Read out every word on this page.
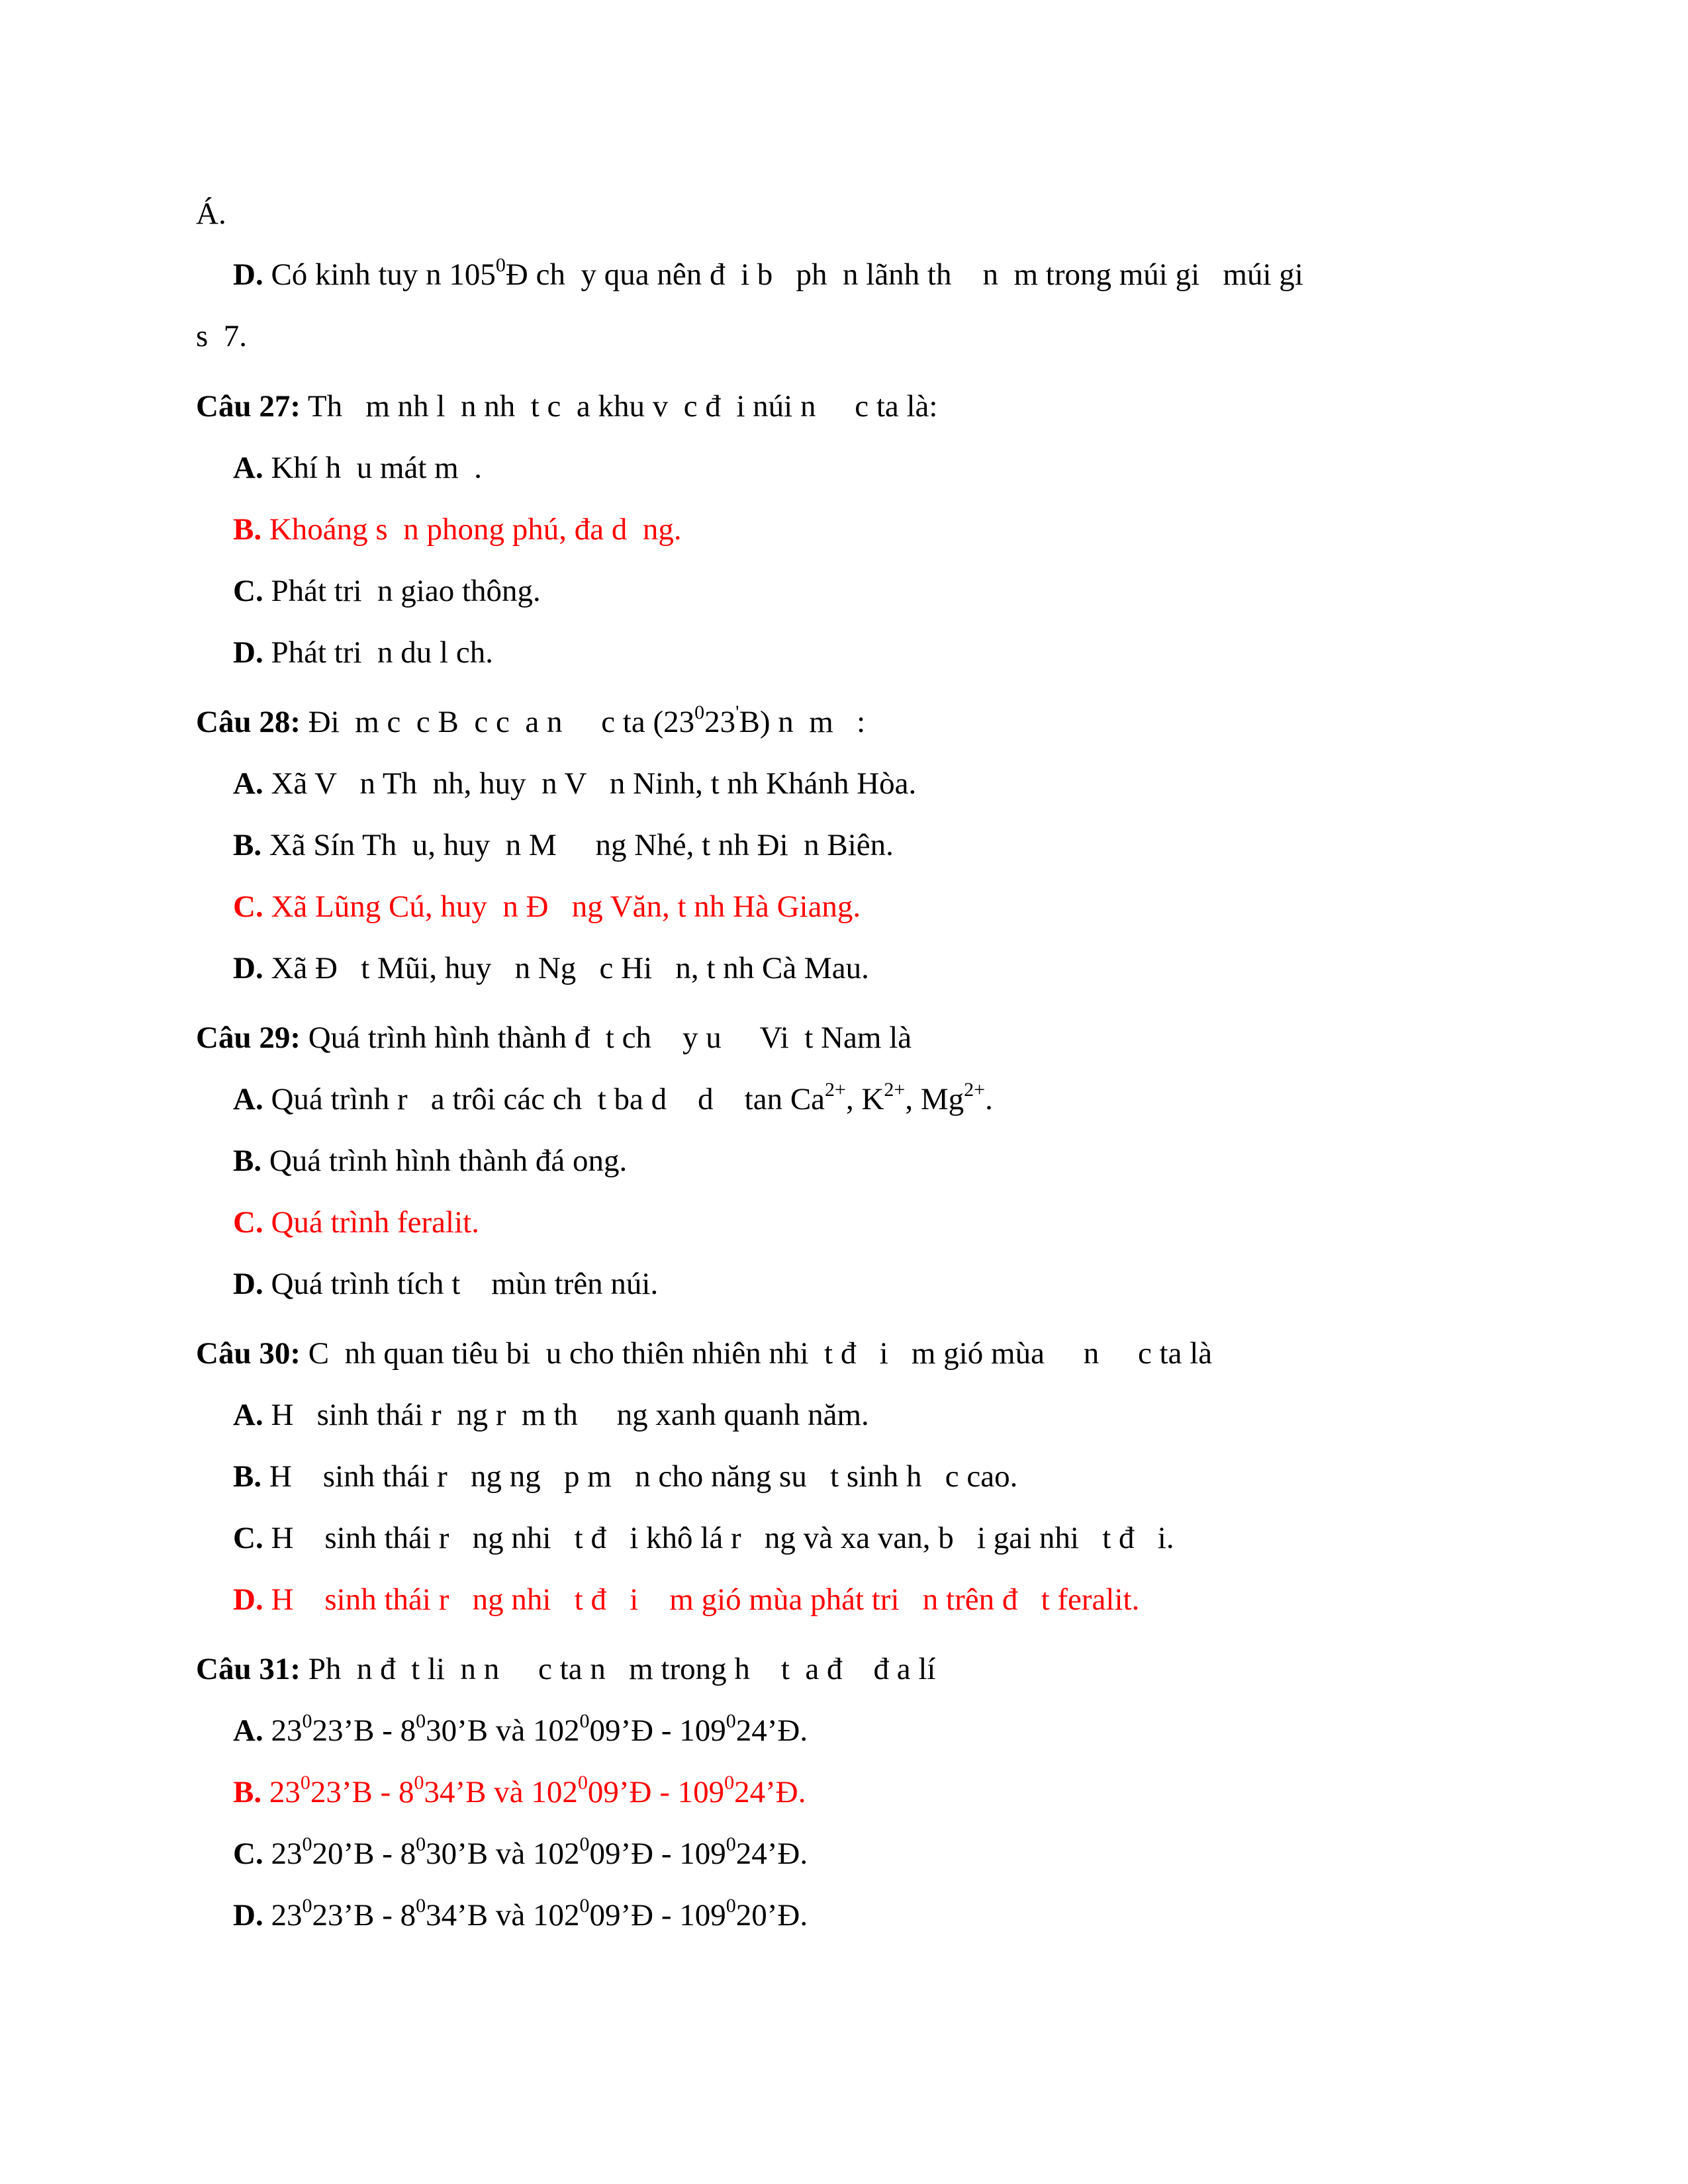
Á.
D. Có kinh tuy n $105^0Đ$ ch  y qua nên đ  i b   ph  n lãnh th    n  m trong múi gi   múi gi
s  7.
Câu 27: Th   m nh l  n nh  t c  a khu v  c đ  i núi n     c ta là:
A. Khí h  u mát m  .
B. Khoáng s  n phong phú, đa d  ng.
C. Phát tri  n giao thông.
D. Phát tri  n du l ch.
Câu 28: Đi  m c  c B  c c  a n     c ta $(23^023'B)$ n  m   :
A. Xã V   n Th  nh, huy  n V   n Ninh, t nh Khánh Hòa.
B. Xã Sín Th  u, huy  n M     ng Nhé, t nh Đi  n Biên.
C. Xã Lũng Cú, huy  n Đ   ng Văn, t nh Hà Giang.
D. Xã Đ   t Mũi, huy   n Ng   c Hi   n, t nh Cà Mau.
Câu 29: Quá trình hình thành đ  t ch    y u     Vi  t Nam là
A. Quá trình r   a trôi các ch  t ba d    d    $\tan Ca^{2+}$, $K^{2+}$, $Mg^{2+}$.
B. Quá trình hình thành đá ong.
C. Quá trình feralit.
D. Quá trình tích t    mùn trên núi.
Câu 30: C  nh quan tiêu bi  u cho thiên nhiên nhi  t đ   i   m gió mùa     n     c ta là
A. H   sinh thái r  ng r  m th     ng xanh quanh năm.
B. H    sinh thái r   ng ng   p m   n cho năng su   t sinh h   c cao.
C. H    sinh thái r   ng nhi   t đ   i khô lá r   ng và xa van, b   i gai nhi   t đ   i.
D. H    sinh thái r   ng nhi   t đ   i    m gió mùa phát tri   n trên đ   t feralit.
Câu 31: Ph  n đ  t li  n n     c ta n   m trong h    t  a đ    đ a lí
A. $23^023’B$ - $8^030’B$ và $102^009’Đ$ - $109^024’Đ$.
B. $23^023’B$ - $8^034’B$ và $102^009’Đ$ - $109^024’Đ$.
C. $23^020’B$ - $8^030’B$ và $102^009’Đ$ - $109^024’Đ$.
D. $23^023’B$ - $8^034’B$ và $102^009’Đ$ - $109^020’Đ$.
